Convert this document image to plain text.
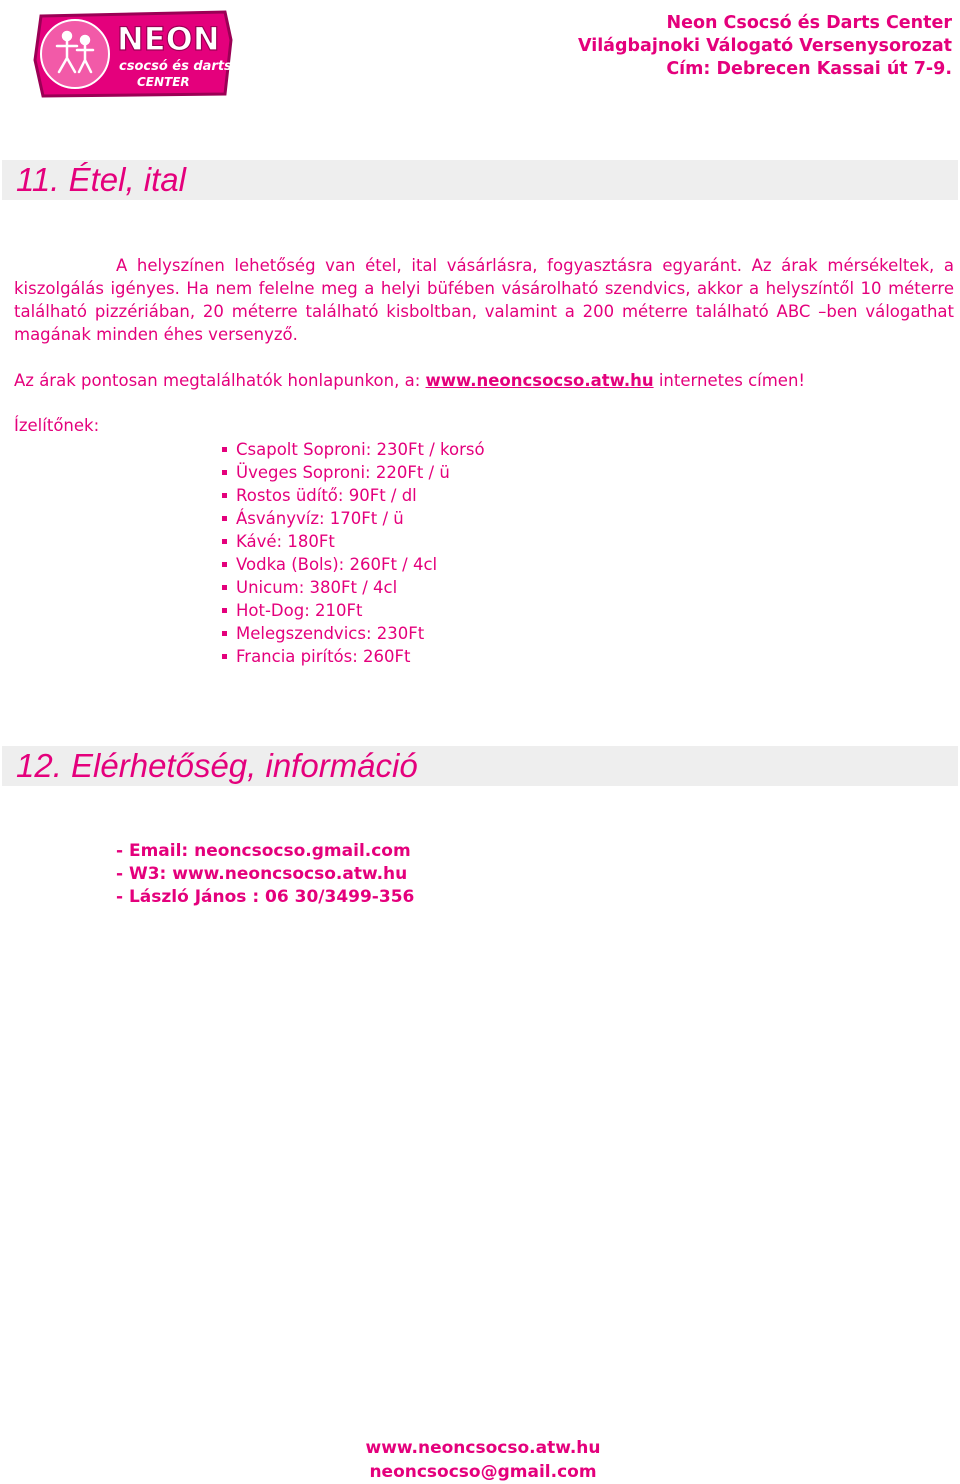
NEON
csocsó és darts
CENTER
Neon Csocsó és Darts Center
Világbajnoki Válogató Versenysorozat
Cím: Debrecen Kassai út 7-9.
11. Étel, ital

A helyszínen lehetőség van étel, ital vásárlásra, fogyasztásra egyaránt. Az árak mérsékeltek, a kiszolgálás igényes. Ha nem felelne meg a helyi büfében vásárolható szendvics, akkor a helyszíntől 10 méterre található pizzériában, 20 méterre található kisboltban, valamint a 200 méterre található ABC –ben válogathat magának minden éhes versenyző.

Az árak pontosan megtalálhatók honlapunkon, a: www.neoncsocso.atw.hu internetes címen!

Ízelítőnek:

Csapolt Soproni: 230Ft / korsó
Üveges Soproni: 220Ft / ü
Rostos üdítő: 90Ft / dl
Ásványvíz: 170Ft / ü
Kávé: 180Ft
Vodka (Bols): 260Ft / 4cl
Unicum: 380Ft / 4cl
Hot-Dog: 210Ft
Melegszendvics: 230Ft
Francia pirítós: 260Ft
12. Elérhetőség, információ
- Email: neoncsocso.gmail.com
- W3: www.neoncsocso.atw.hu
- László János : 06 30/3499-356
www.neoncsocso.atw.hu
neoncsocso@gmail.com
